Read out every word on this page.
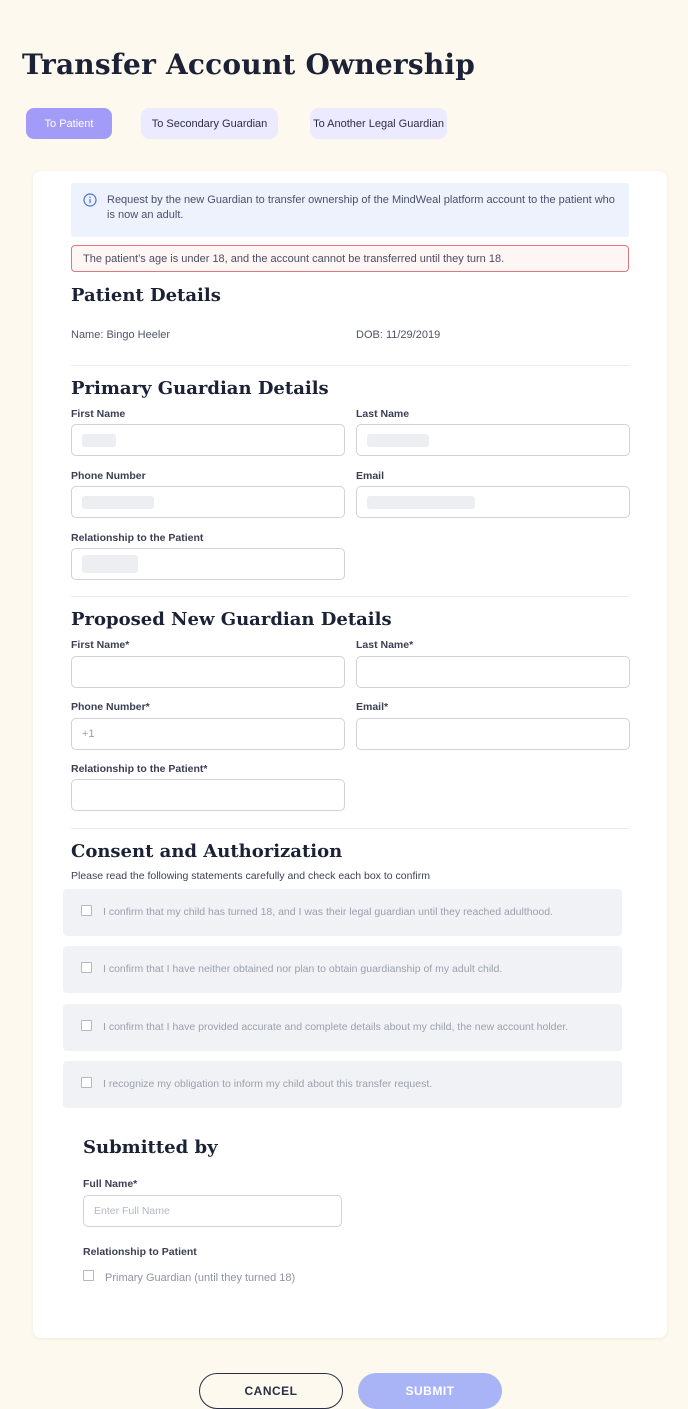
Transfer Account Ownership
To Patient	To Secondary Guardian	To Another Legal Guardian
Request by the new Guardian to transfer ownership of the MindWeal platform account to the patient who is now an adult.
The patient’s age is under 18, and the account cannot be transferred until they turn 18.
Patient Details
Name: Bingo Heeler	DOB: 11/29/2019
Primary Guardian Details
First Name	Last Name
Phone Number	Email
Relationship to the Patient
Proposed New Guardian Details
First Name*	Last Name*
Phone Number*	Email*
+1
Relationship to the Patient*
Consent and Authorization
Please read the following statements carefully and check each box to confirm
I confirm that my child has turned 18, and I was their legal guardian until they reached adulthood.
I confirm that I have neither obtained nor plan to obtain guardianship of my adult child.
I confirm that I have provided accurate and complete details about my child, the new account holder.
I recognize my obligation to inform my child about this transfer request.
Submitted by
Full Name*
Enter Full Name
Relationship to Patient
Primary Guardian (until they turned 18)
CANCEL	SUBMIT
